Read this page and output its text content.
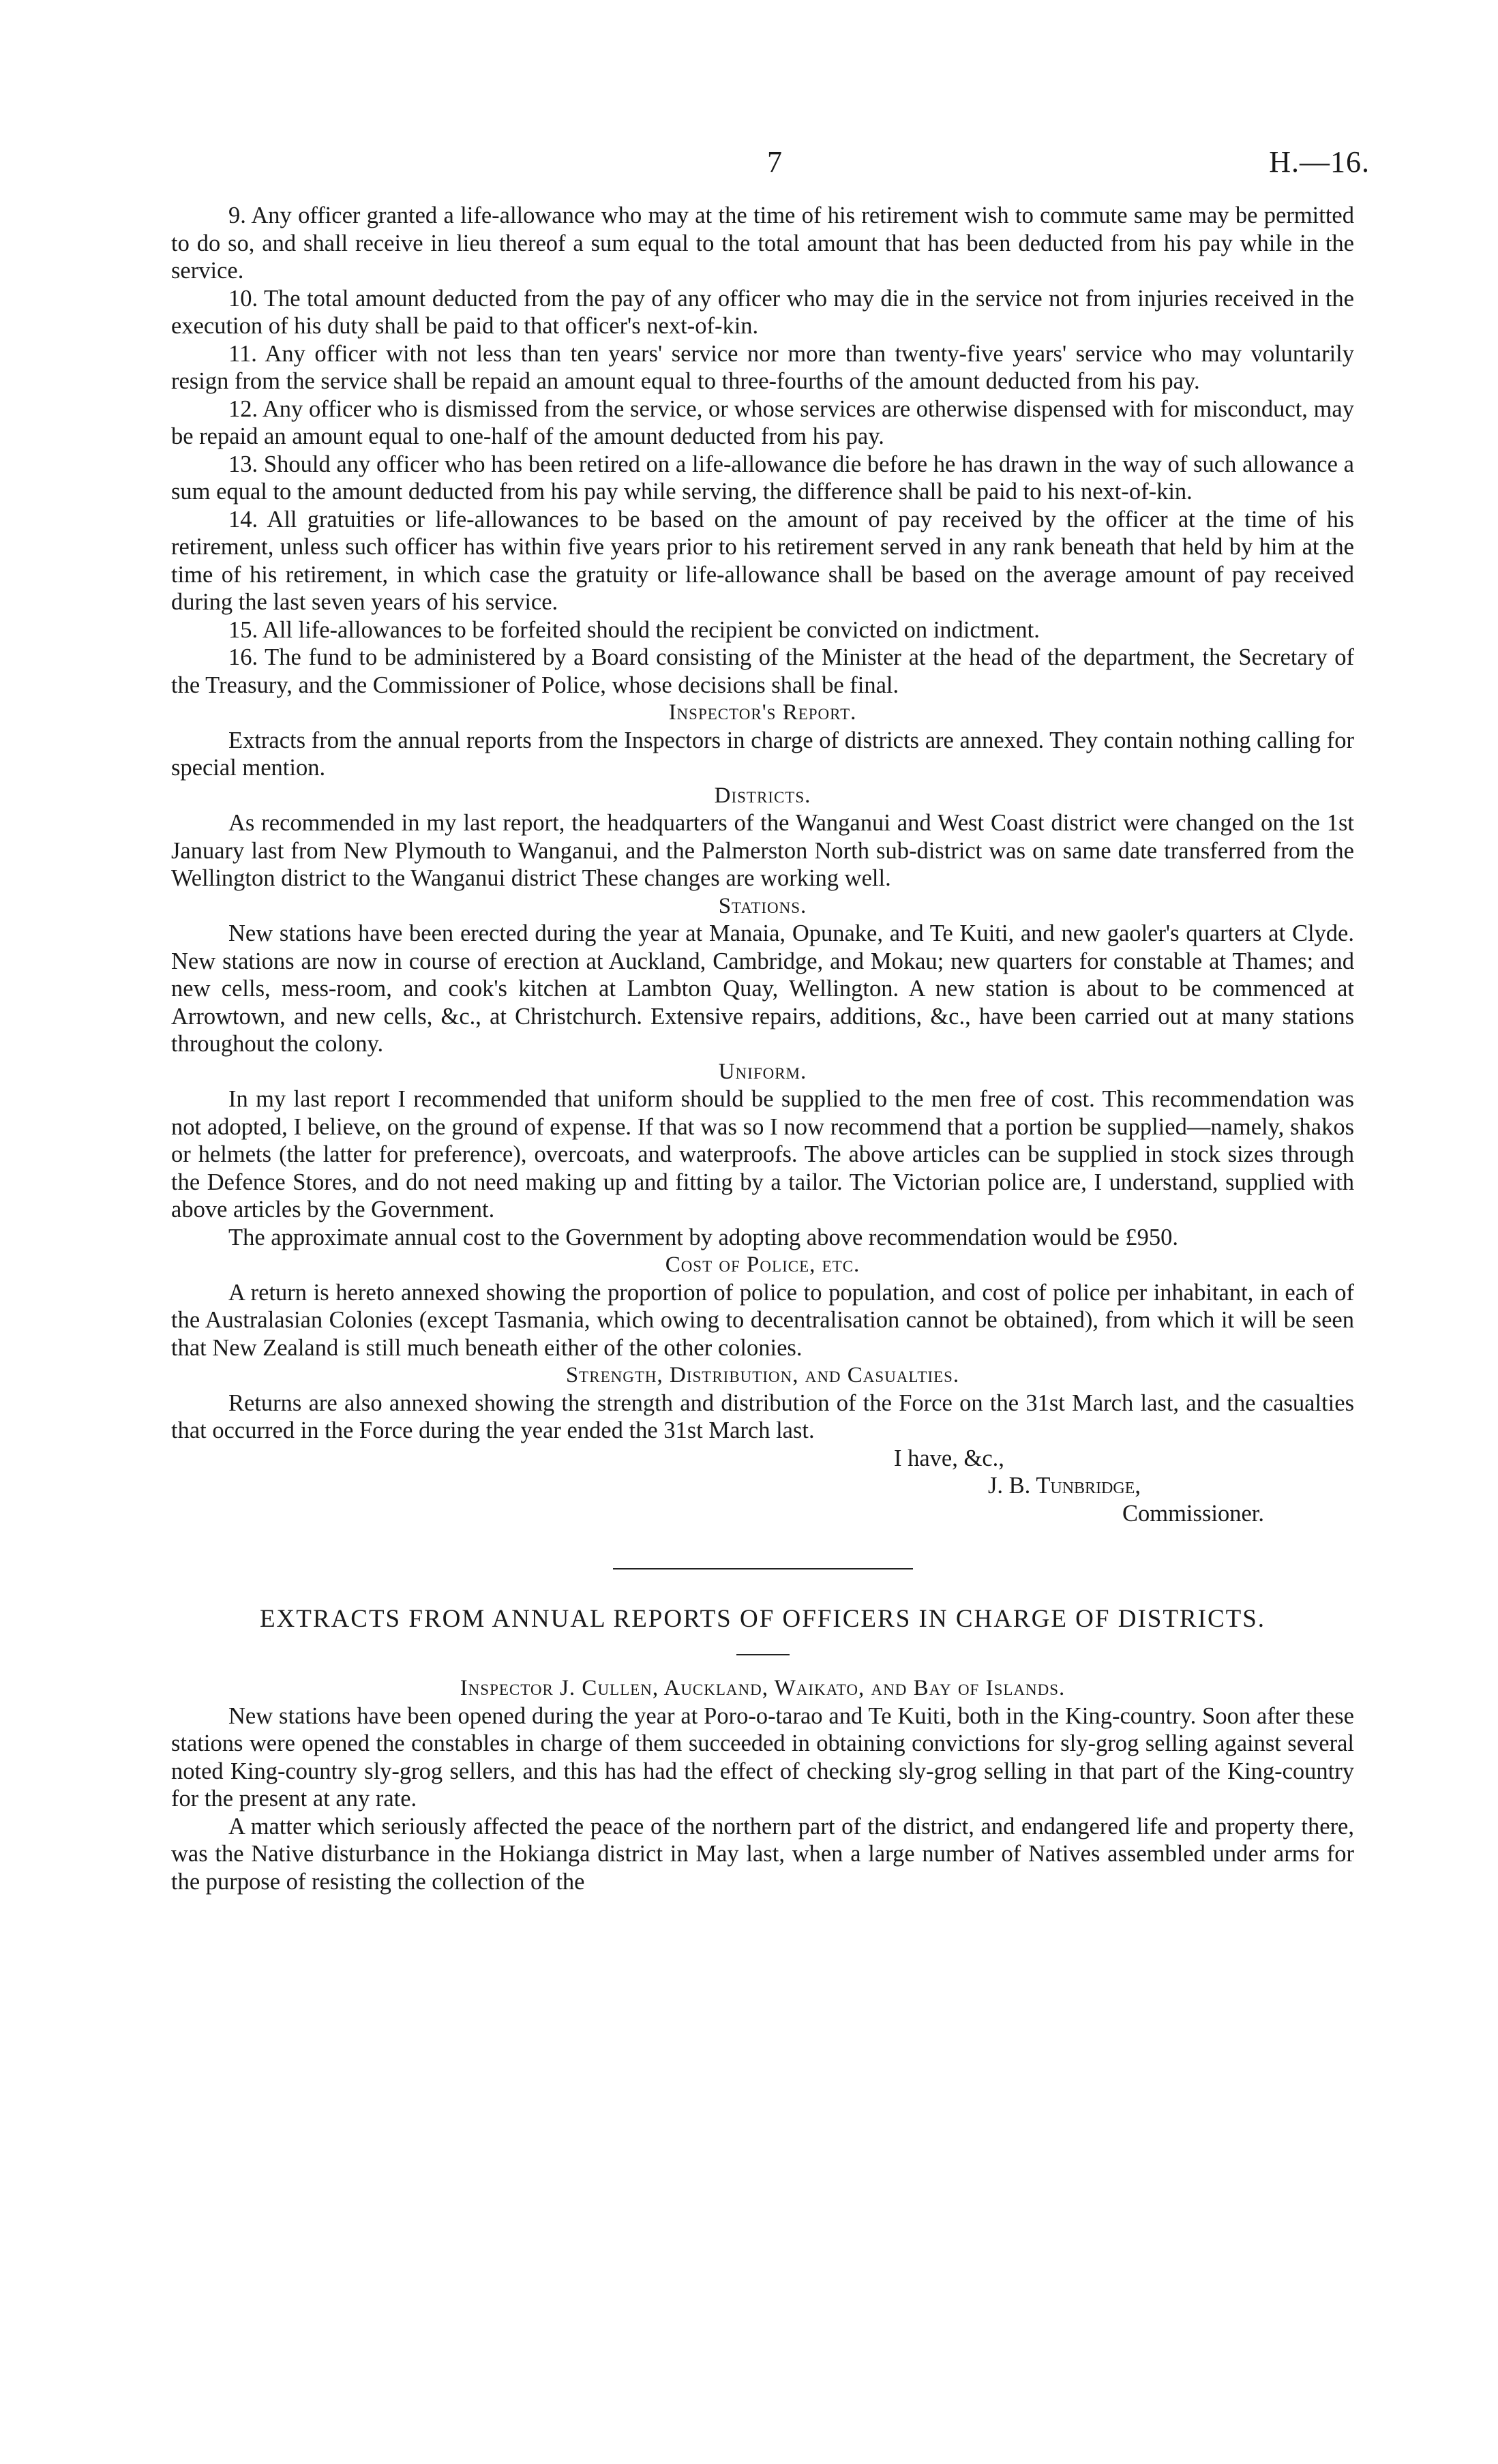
7	H.—16.

9. Any officer granted a life-allowance who may at the time of his retirement wish to commute same may be permitted to do so, and shall receive in lieu thereof a sum equal to the total amount that has been deducted from his pay while in the service.

10. The total amount deducted from the pay of any officer who may die in the service not from injuries received in the execution of his duty shall be paid to that officer's next-of-kin.

11. Any officer with not less than ten years' service nor more than twenty-five years' service who may voluntarily resign from the service shall be repaid an amount equal to three-fourths of the amount deducted from his pay.

12. Any officer who is dismissed from the service, or whose services are otherwise dispensed with for misconduct, may be repaid an amount equal to one-half of the amount deducted from his pay.

13. Should any officer who has been retired on a life-allowance die before he has drawn in the way of such allowance a sum equal to the amount deducted from his pay while serving, the difference shall be paid to his next-of-kin.

14. All gratuities or life-allowances to be based on the amount of pay received by the officer at the time of his retirement, unless such officer has within five years prior to his retirement served in any rank beneath that held by him at the time of his retirement, in which case the gratuity or life-allowance shall be based on the average amount of pay received during the last seven years of his service.

15. All life-allowances to be forfeited should the recipient be convicted on indictment.

16. The fund to be administered by a Board consisting of the Minister at the head of the department, the Secretary of the Treasury, and the Commissioner of Police, whose decisions shall be final.

Inspector's Report.

Extracts from the annual reports from the Inspectors in charge of districts are annexed. They contain nothing calling for special mention.

Districts.

As recommended in my last report, the headquarters of the Wanganui and West Coast district were changed on the 1st January last from New Plymouth to Wanganui, and the Palmerston North sub-district was on same date transferred from the Wellington district to the Wanganui district These changes are working well.

Stations.

New stations have been erected during the year at Manaia, Opunake, and Te Kuiti, and new gaoler's quarters at Clyde. New stations are now in course of erection at Auckland, Cambridge, and Mokau; new quarters for constable at Thames; and new cells, mess-room, and cook's kitchen at Lambton Quay, Wellington. A new station is about to be commenced at Arrowtown, and new cells, &c., at Christchurch. Extensive repairs, additions, &c., have been carried out at many stations throughout the colony.

Uniform.

In my last report I recommended that uniform should be supplied to the men free of cost. This recommendation was not adopted, I believe, on the ground of expense. If that was so I now recommend that a portion be supplied—namely, shakos or helmets (the latter for preference), overcoats, and waterproofs. The above articles can be supplied in stock sizes through the Defence Stores, and do not need making up and fitting by a tailor. The Victorian police are, I understand, supplied with above articles by the Government.

The approximate annual cost to the Government by adopting above recommendation would be £950.

Cost of Police, etc.

A return is hereto annexed showing the proportion of police to population, and cost of police per inhabitant, in each of the Australasian Colonies (except Tasmania, which owing to decentralisation cannot be obtained), from which it will be seen that New Zealand is still much beneath either of the other colonies.

Strength, Distribution, and Casualties.

Returns are also annexed showing the strength and distribution of the Force on the 31st March last, and the casualties that occurred in the Force during the year ended the 31st March last.

I have, &c.,

J. B. Tunbridge,

Commissioner.

EXTRACTS FROM ANNUAL REPORTS OF OFFICERS IN CHARGE OF DISTRICTS.

Inspector J. Cullen, Auckland, Waikato, and Bay of Islands.

New stations have been opened during the year at Poro-o-tarao and Te Kuiti, both in the King-country. Soon after these stations were opened the constables in charge of them succeeded in obtaining convictions for sly-grog selling against several noted King-country sly-grog sellers, and this has had the effect of checking sly-grog selling in that part of the King-country for the present at any rate.

A matter which seriously affected the peace of the northern part of the district, and endangered life and property there, was the Native disturbance in the Hokianga district in May last, when a large number of Natives assembled under arms for the purpose of resisting the collection of the
